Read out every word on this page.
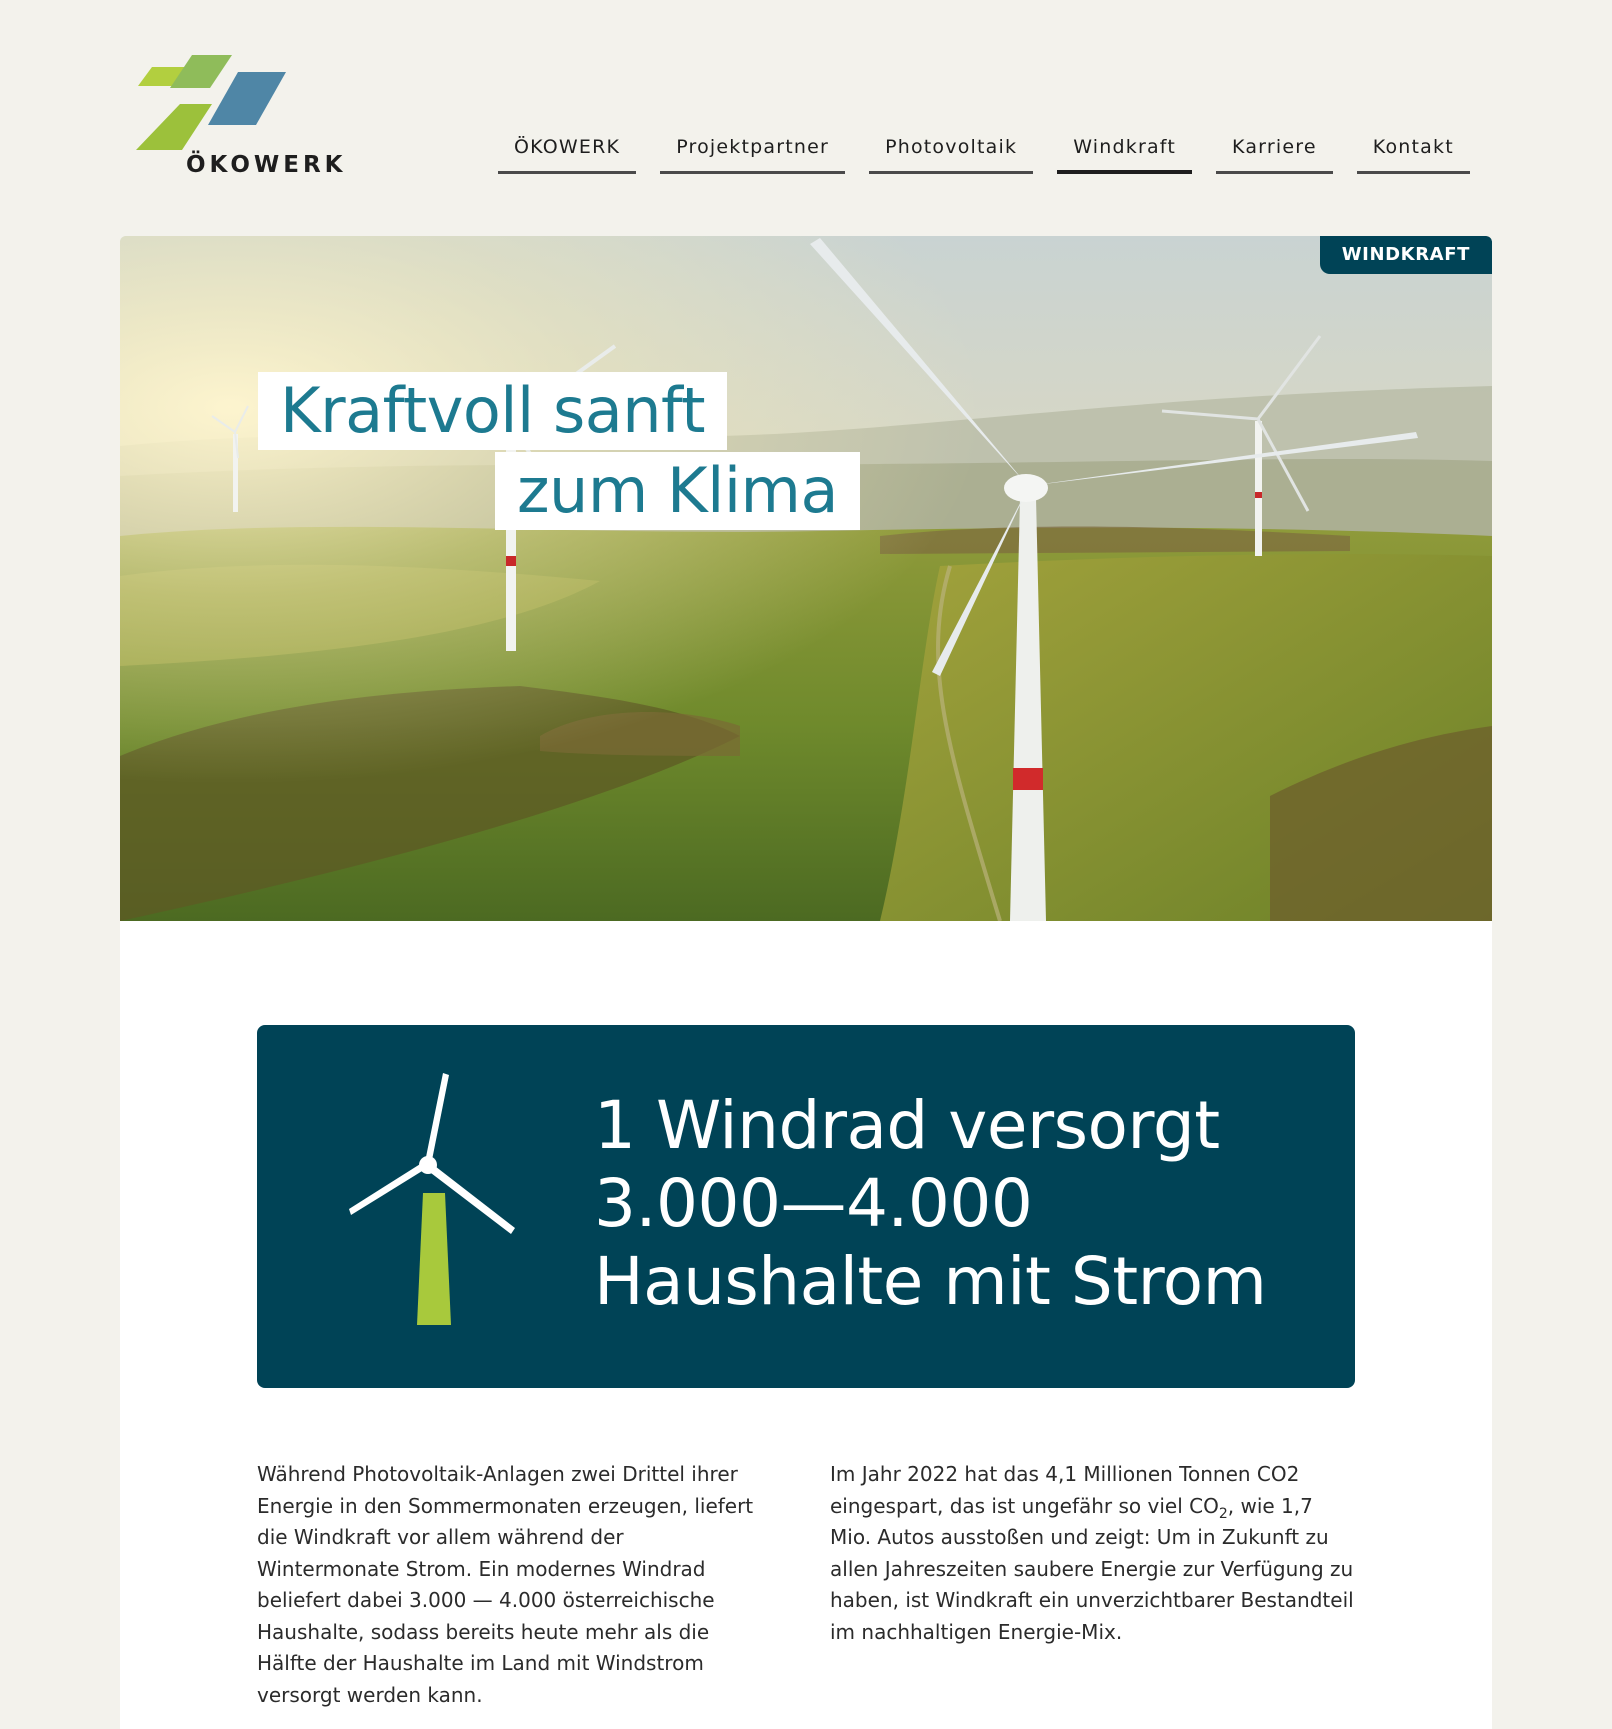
ÖKOWERK
ÖKOWERK	Projektpartner	Photovoltaik	Windkraft	Karriere	Kontakt
WINDKRAFT
Kraftvoll sanft
zum Klima
1 Windrad versorgt
3.000—4.000
Haushalte mit Strom

Während Photovoltaik-Anlagen zwei Drittel ihrer Energie in den Sommermonaten erzeugen, liefert die Windkraft vor allem während der Wintermonate Strom. Ein modernes Windrad beliefert dabei 3.000 — 4.000 österreichische Haushalte, sodass bereits heute mehr als die Hälfte der Haushalte im Land mit Windstrom versorgt werden kann.

Im Jahr 2022 hat das 4,1 Millionen Tonnen CO2 eingespart, das ist ungefähr so viel $CO_2$, wie 1,7 Mio. Autos ausstoßen und zeigt: Um in Zukunft zu allen Jahreszeiten saubere Energie zur Verfügung zu haben, ist Windkraft ein unverzichtbarer Bestandteil im nachhaltigen Energie-Mix.
